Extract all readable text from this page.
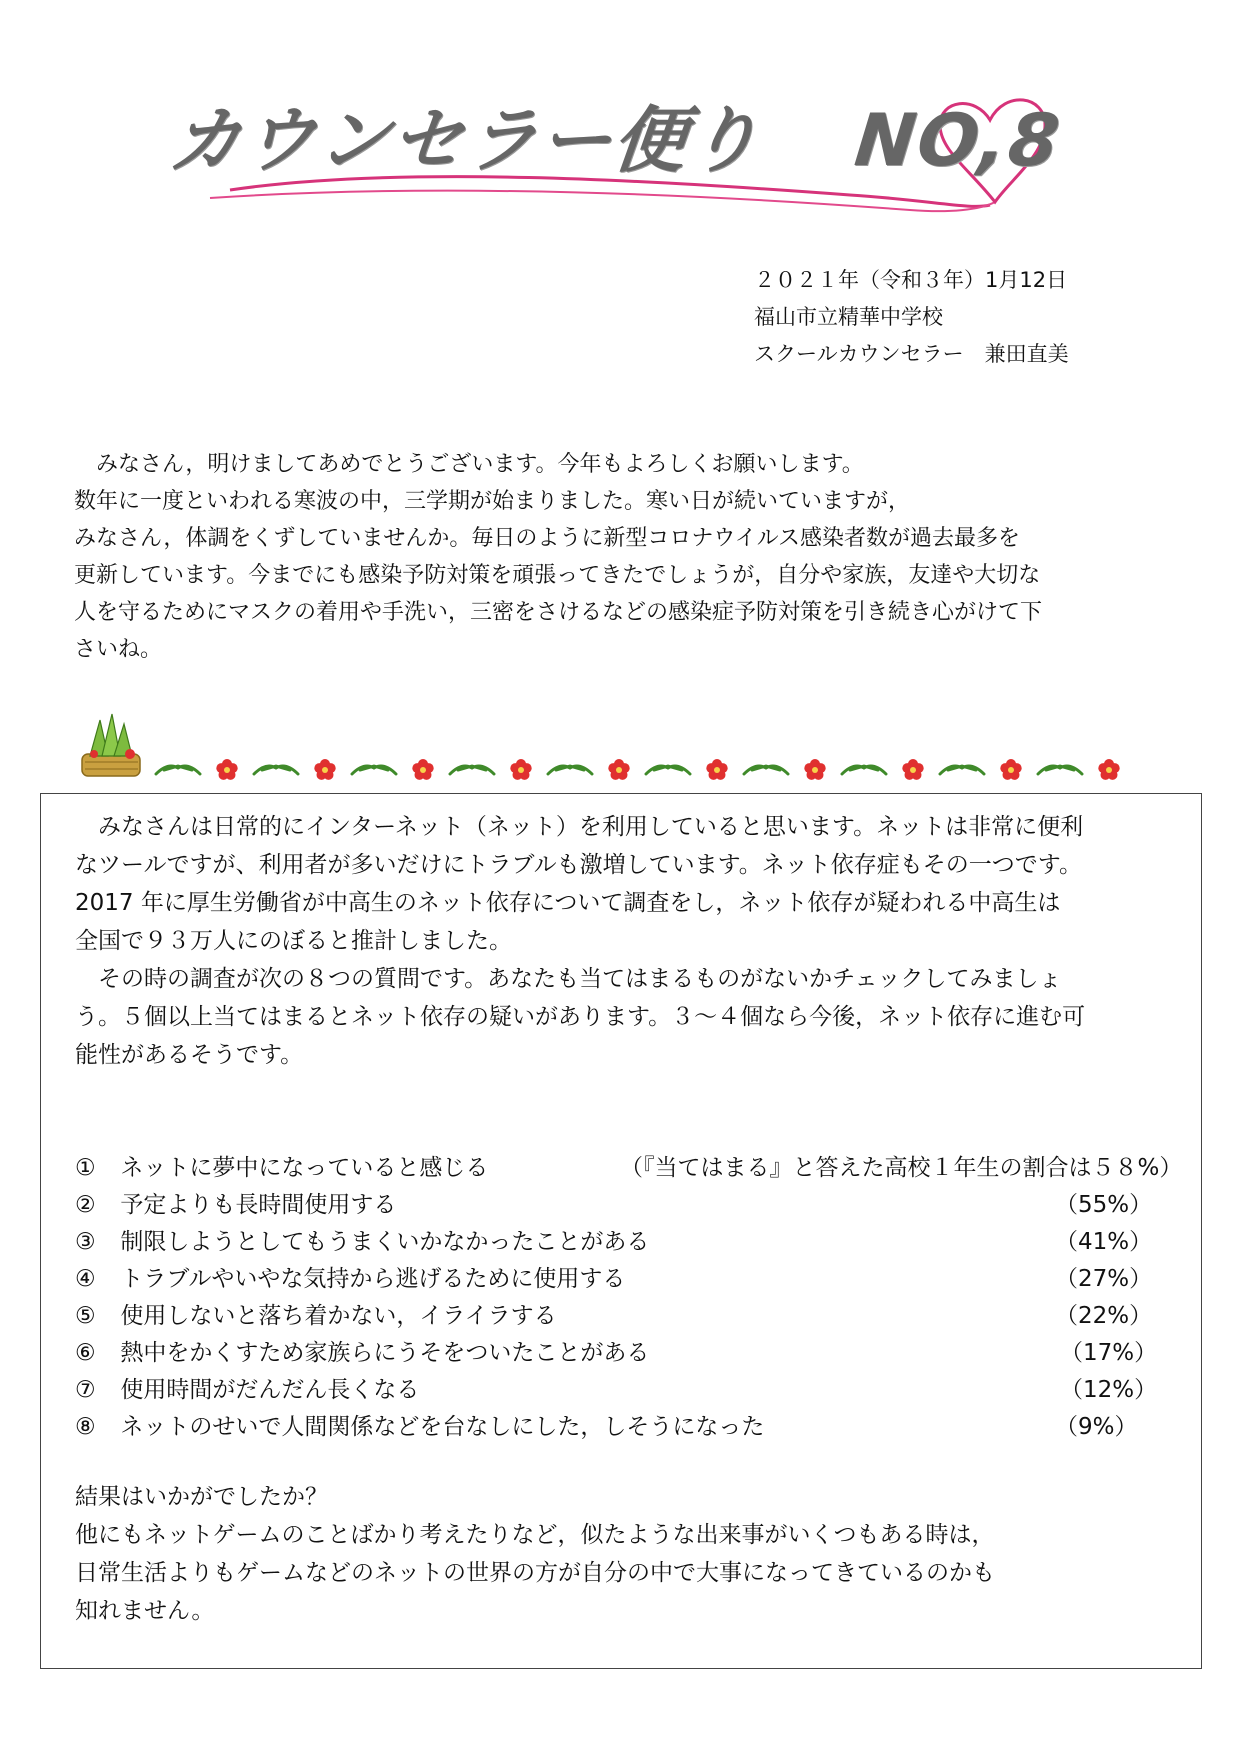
カウンセラー便り NO,8
２０２１年（令和３年）1月12日
福山市立精華中学校
スクールカウンセラー　兼田直美

　みなさん，明けましてあめでとうございます。今年もよろしくお願いします。

数年に一度といわれる寒波の中，三学期が始まりました。寒い日が続いていますが，

みなさん，体調をくずしていませんか。毎日のように新型コロナウイルス感染者数が過去最多を

更新しています。今までにも感染予防対策を頑張ってきたでしょうが，自分や家族，友達や大切な

人を守るためにマスクの着用や手洗い，三密をさけるなどの感染症予防対策を引き続き心がけて下

さいね。

　みなさんは日常的にインターネット（ネット）を利用していると思います。ネットは非常に便利

なツールですが、利用者が多いだけにトラブルも激増しています。ネット依存症もその一つです。

2017 年に厚生労働省が中高生のネット依存について調査をし，ネット依存が疑われる中高生は

全国で９３万人にのぼると推計しました。

　その時の調査が次の８つの質問です。あなたも当てはまるものがないかチェックしてみましょ

う。５個以上当てはまるとネット依存の疑いがあります。３～４個なら今後，ネット依存に進む可

能性があるそうです。

① ネットに夢中になっていると感じる	（『当てはまる』と答えた高校１年生の割合は５８%）
② 予定よりも長時間使用する	（55%）
③ 制限しようとしてもうまくいかなかったことがある	（41%）
④ トラブルやいやな気持から逃げるために使用する	（27%）
⑤ 使用しないと落ち着かない，イライラする	（22%）
⑥ 熱中をかくすため家族らにうそをついたことがある	（17%）
⑦ 使用時間がだんだん長くなる	（12%）
⑧ ネットのせいで人間関係などを台なしにした，しそうになった	（9%）

結果はいかがでしたか？

他にもネットゲームのことばかり考えたりなど，似たような出来事がいくつもある時は，

日常生活よりもゲームなどのネットの世界の方が自分の中で大事になってきているのかも

知れません。
